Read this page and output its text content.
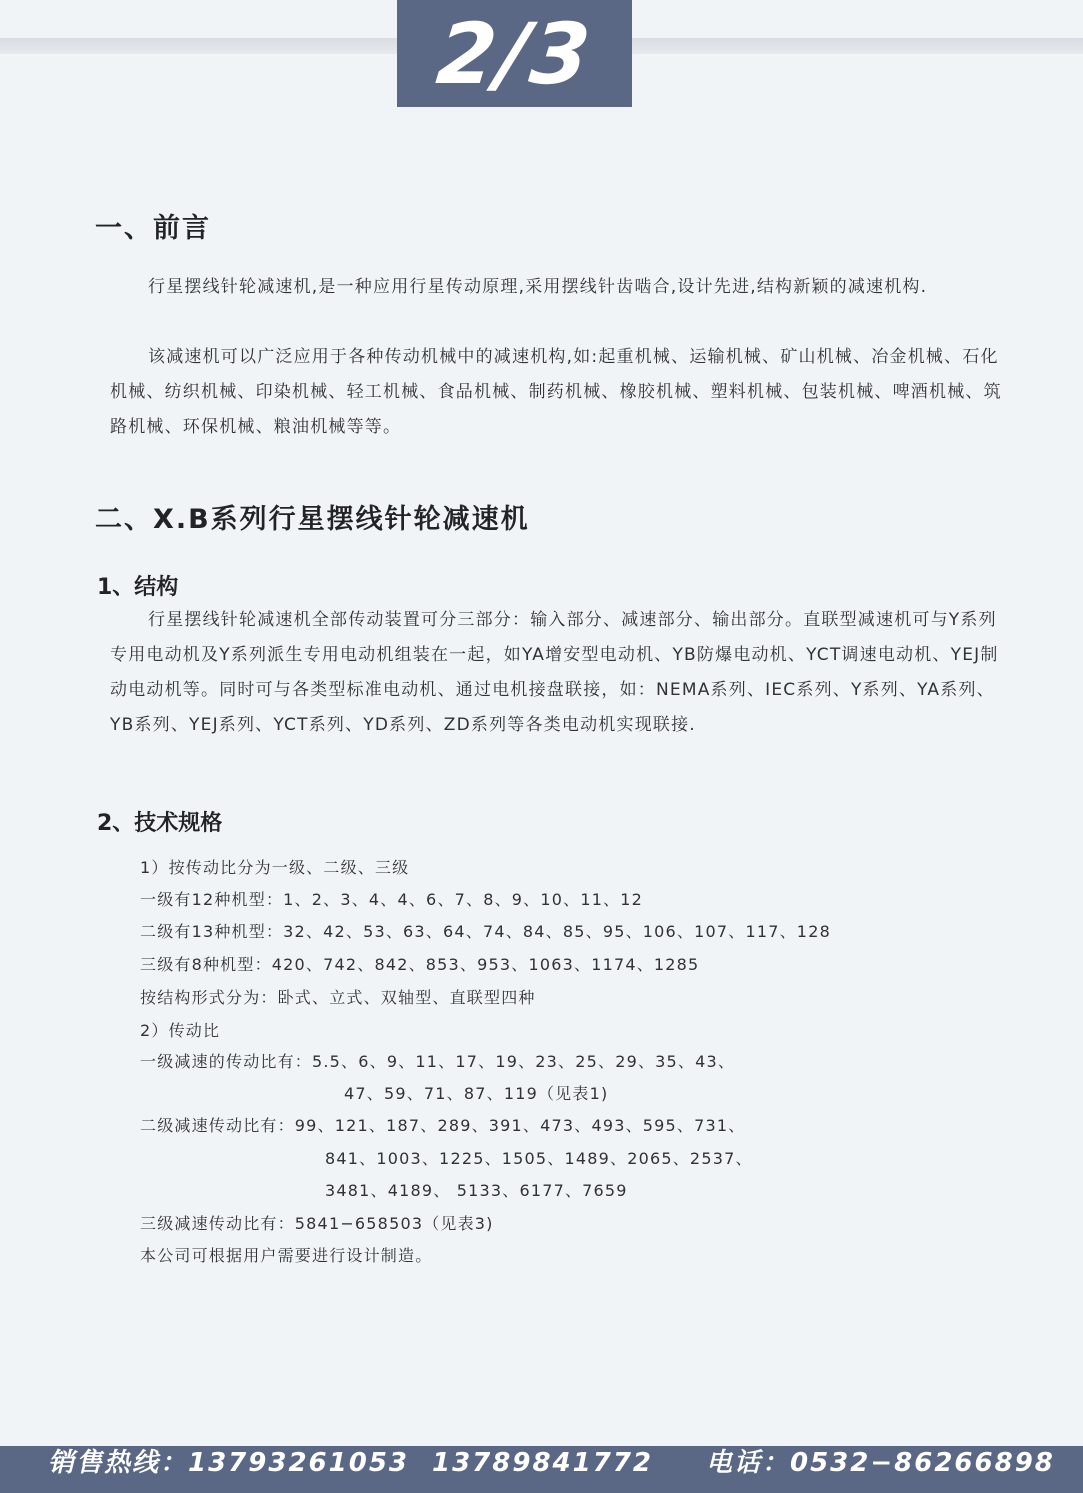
2/3
一、前言

行星摆线针轮减速机,是一种应用行星传动原理,采用摆线针齿啮合,设计先进,结构新颖的减速机构.

该减速机可以广泛应用于各种传动机械中的减速机构,如:起重机械、运输机械、矿山机械、冶金机械、石化机械、纺织机械、印染机械、轻工机械、食品机械、制药机械、橡胶机械、塑料机械、包装机械、啤酒机械、筑路机械、环保机械、粮油机械等等。

二、X.B系列行星摆线针轮减速机
1、结构

行星摆线针轮减速机全部传动装置可分三部分：输入部分、减速部分、输出部分。直联型减速机可与Y系列专用电动机及Y系列派生专用电动机组装在一起，如YA增安型电动机、YB防爆电动机、YCT调速电动机、YEJ制动电动机等。同时可与各类型标准电动机、通过电机接盘联接，如：NEMA系列、IEC系列、Y系列、YA系列、YB系列、YEJ系列、YCT系列、YD系列、ZD系列等各类电动机实现联接.

2、技术规格

1）按传动比分为一级、二级、三级

一级有12种机型：1、2、3、4、4、6、7、8、9、10、11、12

二级有13种机型：32、42、53、63、64、74、84、85、95、106、107、117、128

三级有8种机型：420、742、842、853、953、1063、1174、1285

按结构形式分为：卧式、立式、双轴型、直联型四种

2）传动比

一级减速的传动比有：5.5、6、9、11、17、19、23、25、29、35、43、

47、59、71、87、119（见表1)

二级减速传动比有：99、121、187、289、391、473、493、595、731、

841、1003、1225、1505、1489、2065、2537、

3481、4189、 5133、6177、7659

三级减速传动比有：5841−658503（见表3)

本公司可根据用户需要进行设计制造。

销售热线：13793261053 13789841772 电话：0532−86266898
